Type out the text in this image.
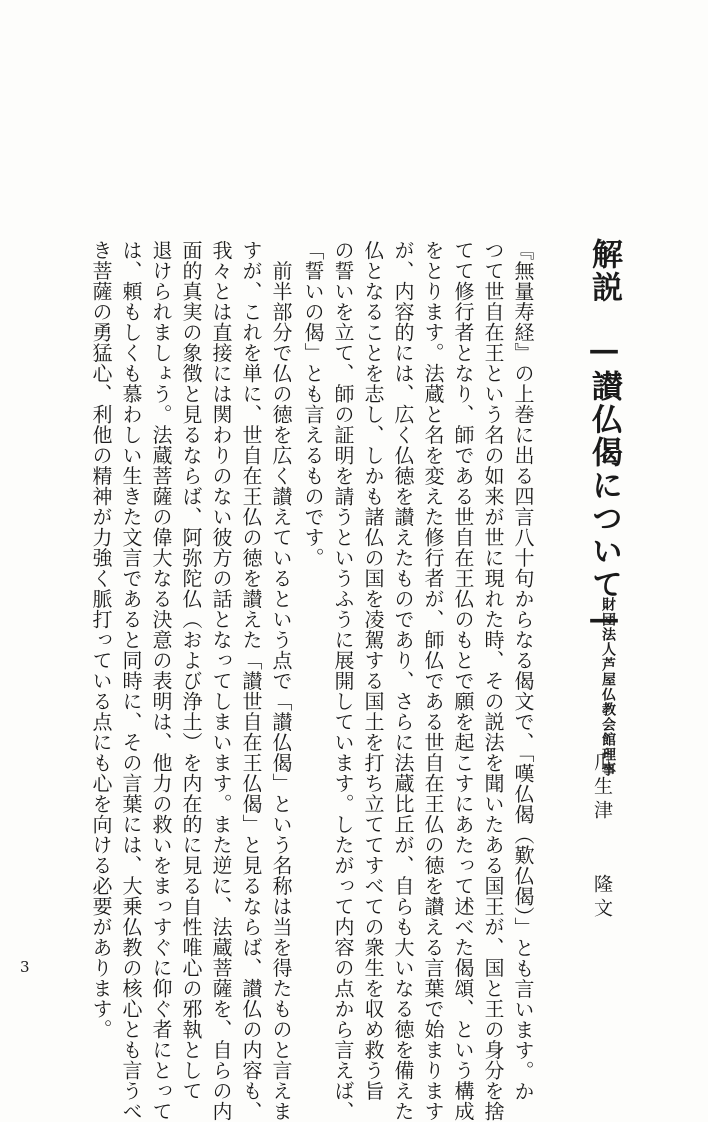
解説—讃仏偈について—
財団法人芦屋仏教会館理事
瓜生津隆文
『無量寿経』の上巻に出る四言八十句からなる偈文で、「嘆仏偈（歎仏偈）」とも言います。か
つて世自在王という名の如来が世に現れた時、その説法を聞いたある国王が、国と王の身分を捨
てて修行者となり、師である世自在王仏のもとで願を起こすにあたって述べた偈頌、という構成
をとります。法蔵と名を変えた修行者が、師仏である世自在王仏の徳を讃える言葉で始まります
が、内容的には、広く仏徳を讃えたものであり、さらに法蔵比丘が、自らも大いなる徳を備えた
仏となることを志し、しかも諸仏の国を凌駕する国土を打ち立ててすべての衆生を収め救う旨
の誓いを立て、師の証明を請うというふうに展開しています。したがって内容の点から言えば、
「誓いの偈」とも言えるものです。
　前半部分で仏の徳を広く讃えているという点で「讃仏偈」という名称は当を得たものと言えま
すが、これを単に、世自在王仏の徳を讃えた「讃世自在王仏偈」と見るならば、讃仏の内容も、
我々とは直接には関わりのない彼方の話となってしまいます。また逆に、法蔵菩薩を、自らの内
面的真実の象徴と見るならば、阿弥陀仏（および浄土）を内在的に見る自性唯心の邪執として
退けられましょう。法蔵菩薩の偉大なる決意の表明は、他力の救いをまっすぐに仰ぐ者にとって
は、頼もしくも慕わしい生きた文言であると同時に、その言葉には、大乗仏教の核心とも言うべ
き菩薩の勇猛心、利他の精神が力強く脈打っている点にも心を向ける必要があります。
3
